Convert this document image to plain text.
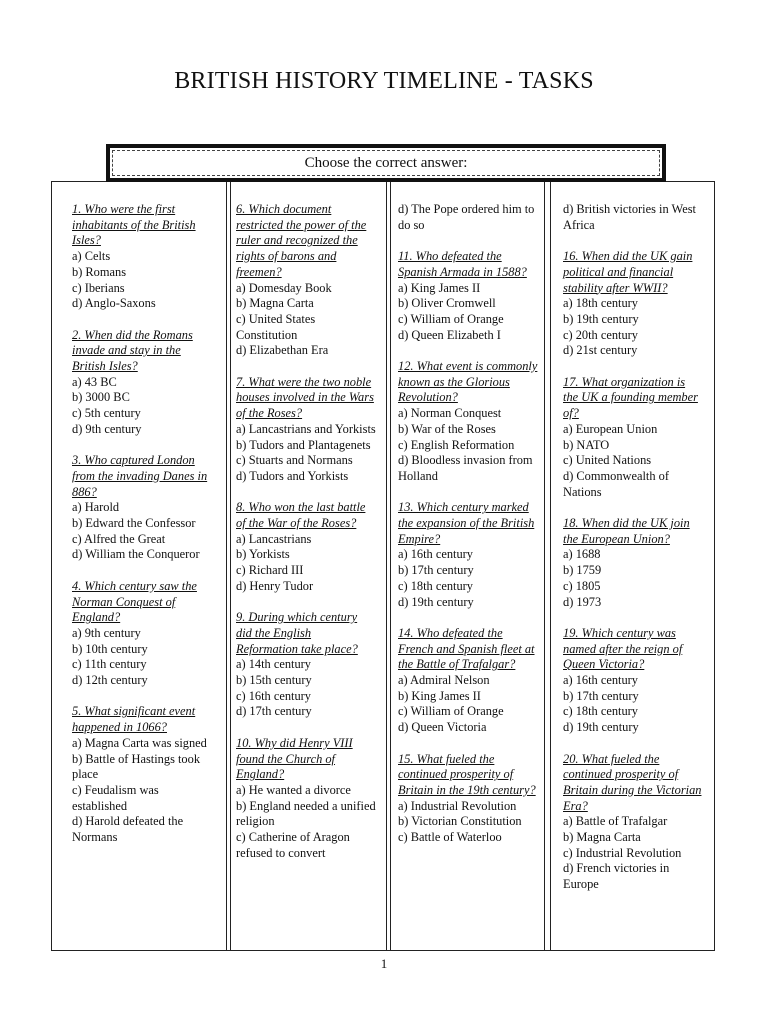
BRITISH HISTORY TIMELINE - TASKS
Choose the correct answer:
1. Who were the first inhabitants of the British Isles?
a) Celts
b) Romans
c) Iberians
d) Anglo-Saxons
2. When did the Romans invade and stay in the British Isles?
a) 43 BC
b) 3000 BC
c) 5th century
d) 9th century
3. Who captured London from the invading Danes in 886?
a) Harold
b) Edward the Confessor
c) Alfred the Great
d) William the Conqueror
4. Which century saw the Norman Conquest of England?
a) 9th century
b) 10th century
c) 11th century
d) 12th century
5. What significant event happened in 1066?
a) Magna Carta was signed
b) Battle of Hastings took place
c) Feudalism was established
d) Harold defeated the Normans
6. Which document restricted the power of the ruler and recognized the rights of barons and freemen?
a) Domesday Book
b) Magna Carta
c) United States Constitution
d) Elizabethan Era
7. What were the two noble houses involved in the Wars of the Roses?
a) Lancastrians and Yorkists
b) Tudors and Plantagenets
c) Stuarts and Normans
d) Tudors and Yorkists
8. Who won the last battle of the War of the Roses?
a) Lancastrians
b) Yorkists
c) Richard III
d) Henry Tudor
9. During which century did the English Reformation take place?
a) 14th century
b) 15th century
c) 16th century
d) 17th century
10. Why did Henry VIII found the Church of England?
a) He wanted a divorce
b) England needed a unified religion
c) Catherine of Aragon refused to convert
d) The Pope ordered him to do so
11. Who defeated the Spanish Armada in 1588?
a) King James II
b) Oliver Cromwell
c) William of Orange
d) Queen Elizabeth I
12. What event is commonly known as the Glorious Revolution?
a) Norman Conquest
b) War of the Roses
c) English Reformation
d) Bloodless invasion from Holland
13. Which century marked the expansion of the British Empire?
a) 16th century
b) 17th century
c) 18th century
d) 19th century
14. Who defeated the French and Spanish fleet at the Battle of Trafalgar?
a) Admiral Nelson
b) King James II
c) William of Orange
d) Queen Victoria
15. What fueled the continued prosperity of Britain in the 19th century?
a) Industrial Revolution
b) Victorian Constitution
c) Battle of Waterloo
d) British victories in West Africa
16. When did the UK gain political and financial stability after WWII?
a) 18th century
b) 19th century
c) 20th century
d) 21st century
17. What organization is the UK a founding member of?
a) European Union
b) NATO
c) United Nations
d) Commonwealth of Nations
18. When did the UK join the European Union?
a) 1688
b) 1759
c) 1805
d) 1973
19. Which century was named after the reign of Queen Victoria?
a) 16th century
b) 17th century
c) 18th century
d) 19th century
20. What fueled the continued prosperity of Britain during the Victorian Era?
a) Battle of Trafalgar
b) Magna Carta
c) Industrial Revolution
d) French victories in Europe
1
